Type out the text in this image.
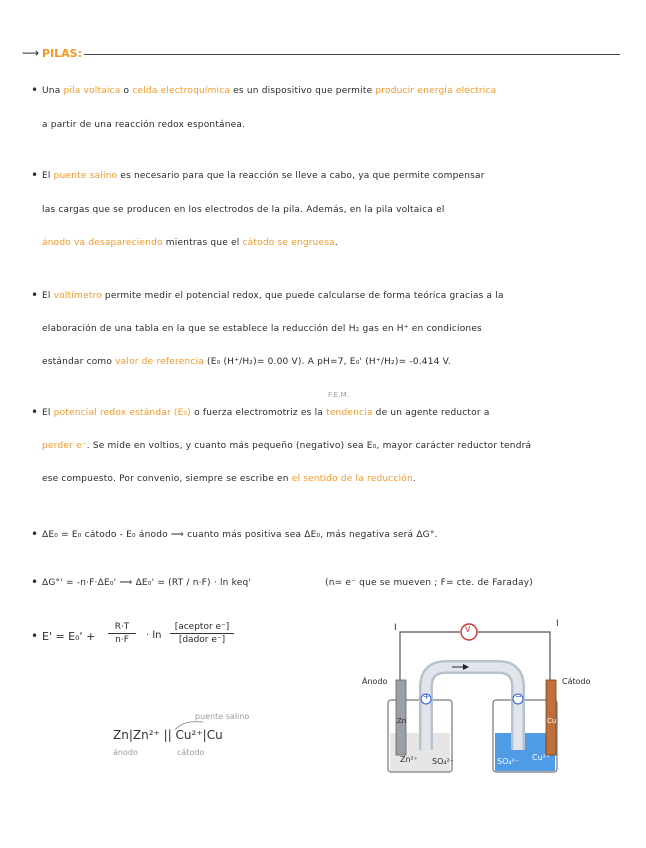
⟶ PILAS:
• Una pila voltaica o celda electroquímica es un dispositivo que permite producir energía eléctrica
a partir de una reacción redox espontánea.
• El puente salino es necesario para que la reacción se lleve a cabo, ya que permite compensar
las cargas que se producen en los electrodos de la pila. Además, en la pila voltaica el
ánodo va desapareciendo mientras que el cátodo se engruesa.
• El voltímetro permite medir el potencial redox, que puede calcularse de forma teórica gracias a la
elaboración de una tabla en la que se establece la reducción del H₂ gas en H⁺ en condiciones
estándar como valor de referencia (E₀ (H⁺/H₂)= 0.00 V). A pH=7, E₀' (H⁺/H₂)= -0.414 V.
F.E.M.
• El potencial redox estándar (E₀) o fuerza electromotriz es la tendencia de un agente reductor a
perder e⁻. Se mide en voltios, y cuanto más pequeño (negativo) sea E₀, mayor carácter reductor tendrá
ese compuesto. Por convenio, siempre se escribe en el sentido de la reducción.
• ΔE₀ = E₀ cátodo - E₀ ánodo ⟹ cuanto más positiva sea ΔE₀, más negativa será ΔG°.
• ΔG°' = -n·F·ΔE₀' ⟹ ΔE₀' = (RT / n·F) · ln keq'	(n= e⁻ que se mueven ; F= cte. de Faraday)
• E' = E₀' +
R·T
n·F	· ln
[aceptor e⁻]
[dador e⁻]
puente salino
Zn|Zn²⁺ || Cu²⁺|Cu
ánodo	cátodo
I	I
V
Ánodo	Cátodo
Zn	Cu
Zn²⁺	Cu²⁺
SO₄²⁻	SO₄²⁻
+	−
